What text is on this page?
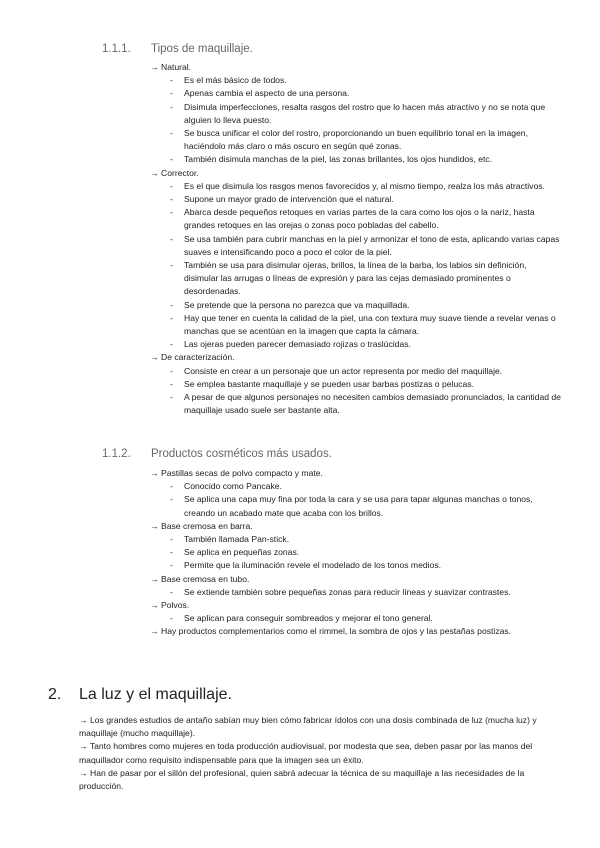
1.1.1. Tipos de maquillaje.
→ Natural.
- Es el más básico de todos.
- Apenas cambia el aspecto de una persona.
- Disimula imperfecciones, resalta rasgos del rostro que lo hacen más atractivo y no se nota que alguien lo lleva puesto.
- Se busca unificar el color del rostro, proporcionando un buen equilibrio tonal en la imagen, haciéndolo más claro o más oscuro en según qué zonas.
- También disimula manchas de la piel, las zonas brillantes, los ojos hundidos, etc.
→ Corrector.
- Es el que disimula los rasgos menos favorecidos y, al mismo tiempo, realza los más atractivos.
- Supone un mayor grado de intervención que el natural.
- Abarca desde pequeños retoques en varias partes de la cara como los ojos o la nariz, hasta grandes retoques en las orejas o zonas poco pobladas del cabello.
- Se usa también para cubrir manchas en la piel y armonizar el tono de esta, aplicando varias capas suaves e intensificando poco a poco el color de la piel.
- También se usa para disimular ojeras, brillos, la línea de la barba, los labios sin definición, disimular las arrugas o líneas de expresión y para las cejas demasiado prominentes o desordenadas.
- Se pretende que la persona no parezca que va maquillada.
- Hay que tener en cuenta la calidad de la piel, una con textura muy suave tiende a revelar venas o manchas que se acentúan en la imagen que capta la cámara.
- Las ojeras pueden parecer demasiado rojizas o traslúcidas.
→ De caracterización.
- Consiste en crear a un personaje que un actor representa por medio del maquillaje.
- Se emplea bastante maquillaje y se pueden usar barbas postizas o pelucas.
- A pesar de que algunos personajes no necesiten cambios demasiado pronunciados, la cantidad de maquillaje usado suele ser bastante alta.
1.1.2. Productos cosméticos más usados.
→ Pastillas secas de polvo compacto y mate.
- Conocido como Pancake.
- Se aplica una capa muy fina por toda la cara y se usa para tapar algunas manchas o tonos, creando un acabado mate que acaba con los brillos.
→ Base cremosa en barra.
- También llamada Pan-stick.
- Se aplica en pequeñas zonas.
- Permite que la iluminación revele el modelado de los tonos medios.
→ Base cremosa en tubo.
- Se extiende también sobre pequeñas zonas para reducir líneas y suavizar contrastes.
→ Polvos.
- Se aplican para conseguir sombreados y mejorar el tono general.
→ Hay productos complementarios como el rimmel, la sombra de ojos y las pestañas postizas.
2. La luz y el maquillaje.

→ Los grandes estudios de antaño sabían muy bien cómo fabricar ídolos con una dosis combinada de luz (mucha luz) y maquillaje (mucho maquillaje).

→ Tanto hombres como mujeres en toda producción audiovisual, por modesta que sea, deben pasar por las manos del maquillador como requisito indispensable para que la imagen sea un éxito.

→ Han de pasar por el sillón del profesional, quien sabrá adecuar la técnica de su maquillaje a las necesidades de la producción.
